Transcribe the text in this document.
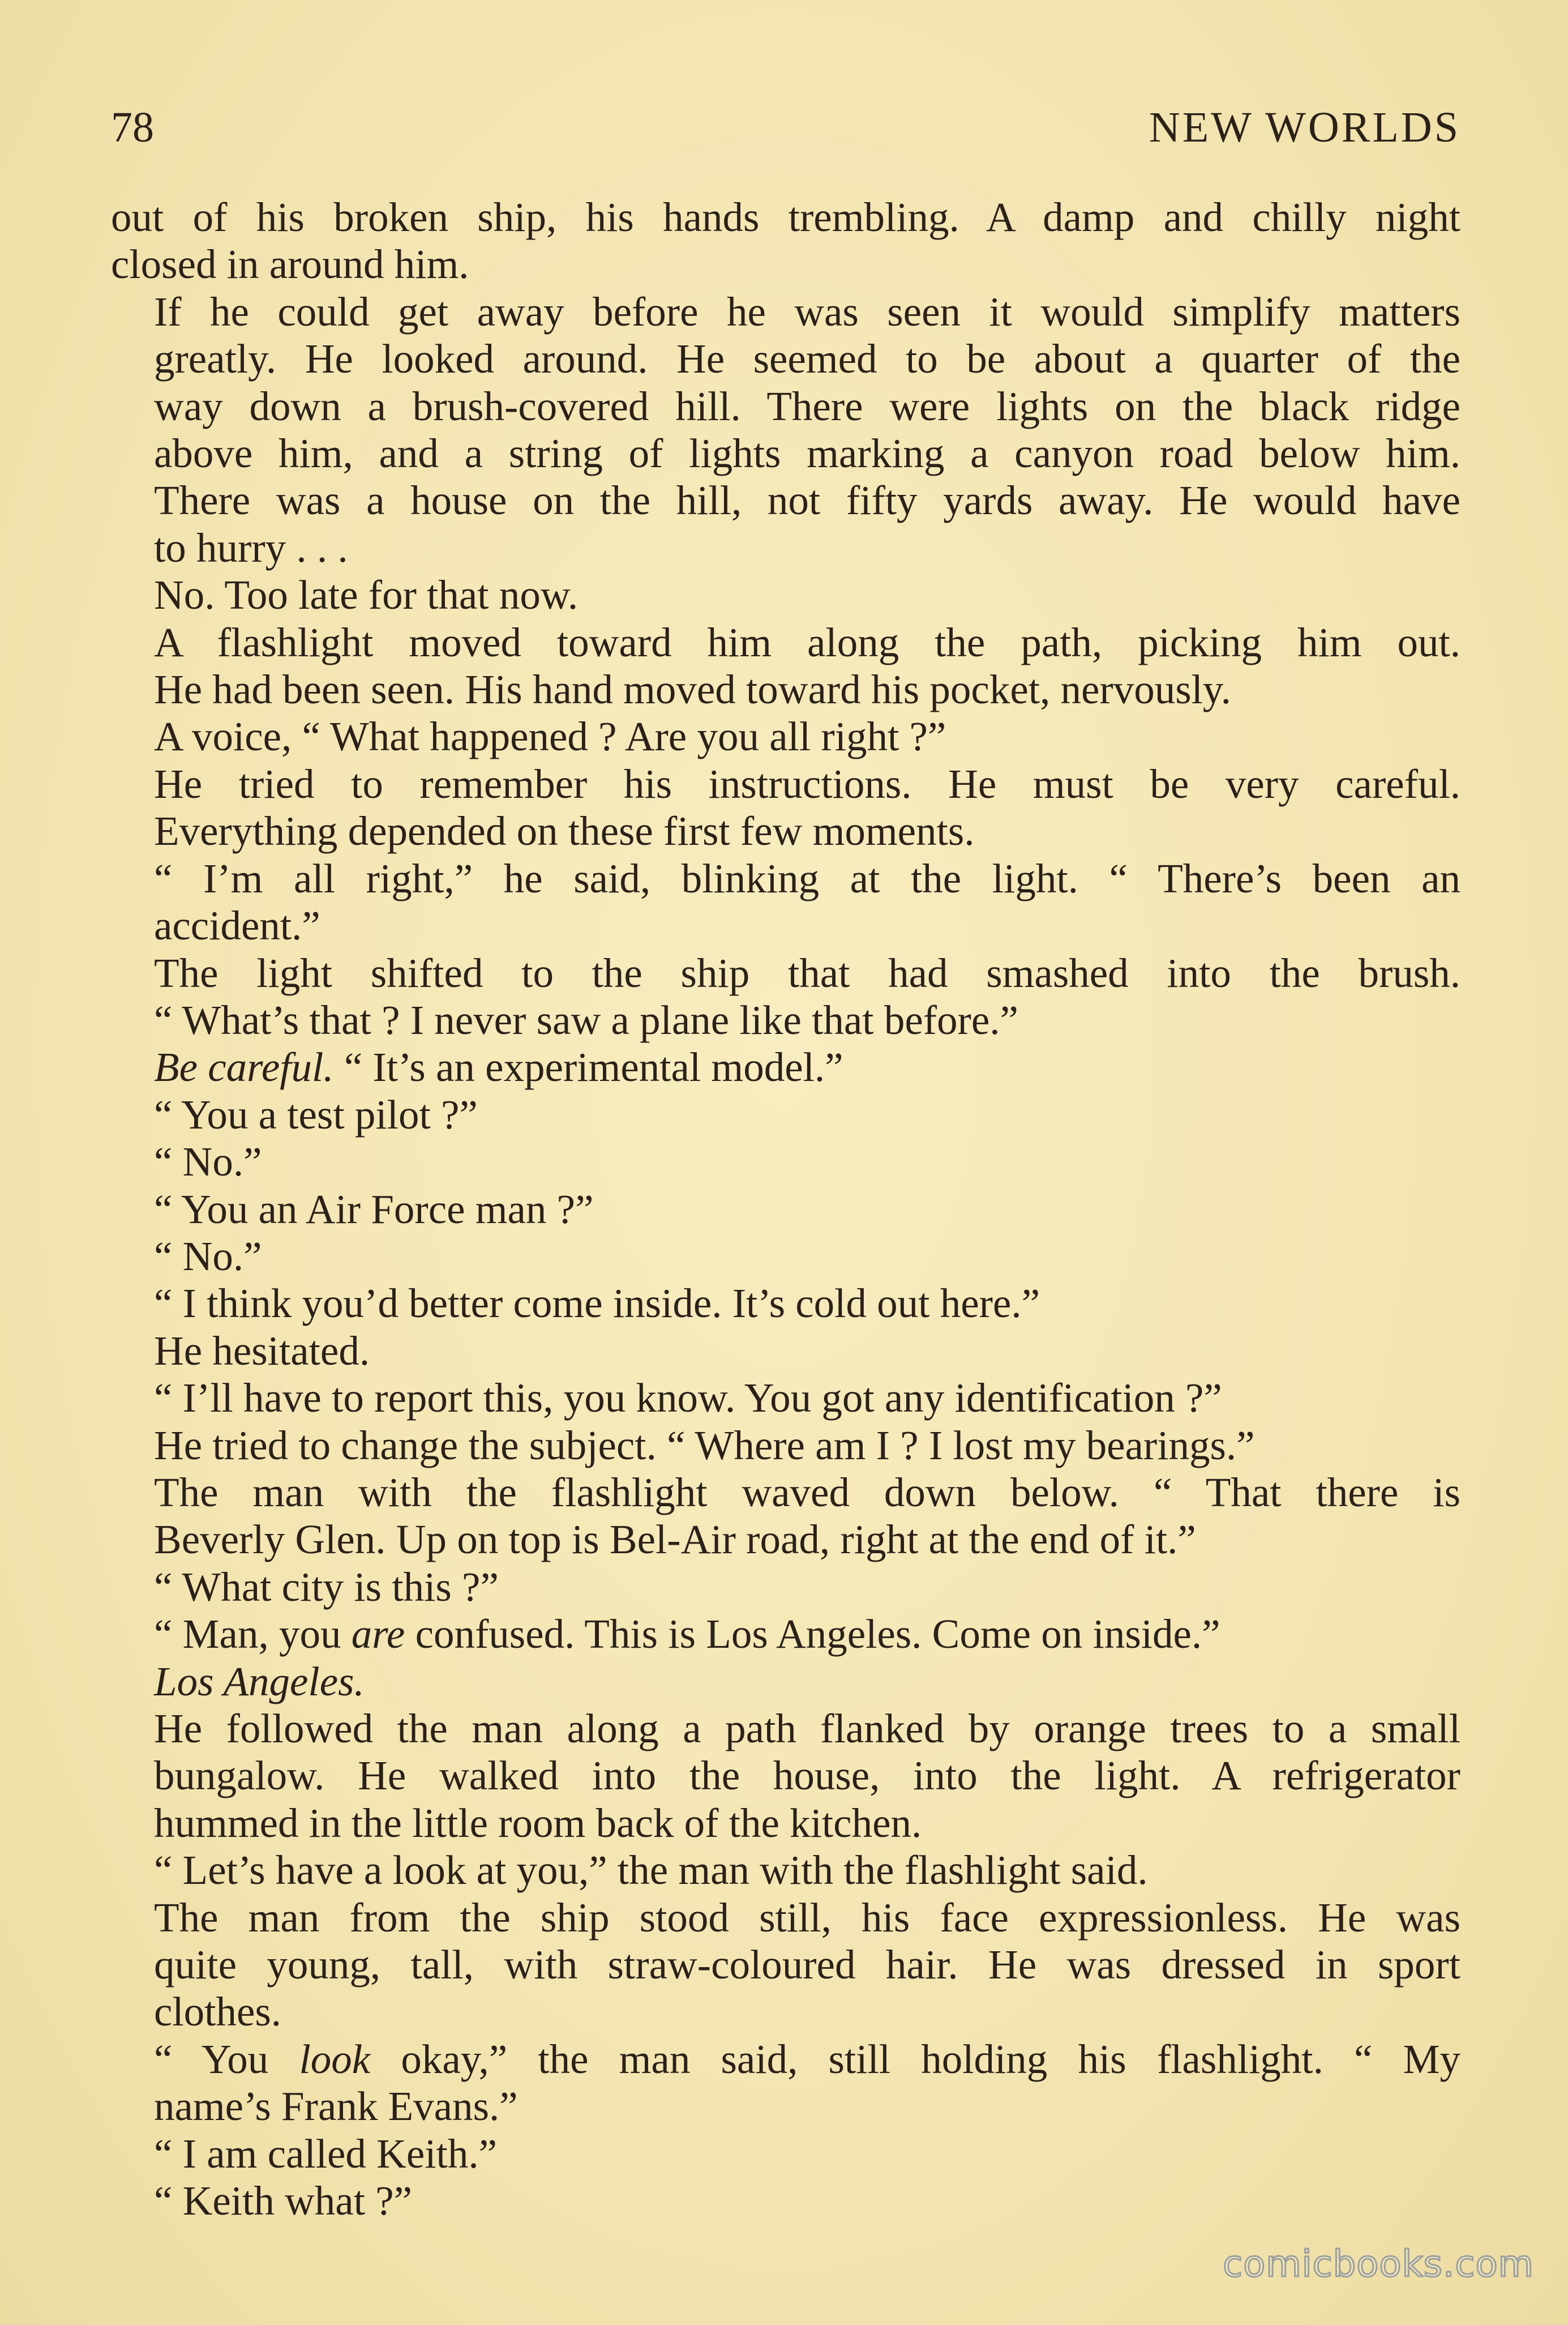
78	NEW WORLDS
out of his broken ship, his hands trembling. A damp and chilly night
closed in around him.
If he could get away before he was seen it would simplify matters
greatly. He looked around. He seemed to be about a quarter of the
way down a brush-covered hill. There were lights on the black ridge
above him, and a string of lights marking a canyon road below him.
There was a house on the hill, not fifty yards away. He would have
to hurry . . .
No. Too late for that now.
A flashlight moved toward him along the path, picking him out.
He had been seen. His hand moved toward his pocket, nervously.
A voice, “ What happened ? Are you all right ?”
He tried to remember his instructions. He must be very careful.
Everything depended on these first few moments.
“ I’m all right,” he said, blinking at the light. “ There’s been an
accident.”
The light shifted to the ship that had smashed into the brush.
“ What’s that ? I never saw a plane like that before.”
Be careful. “ It’s an experimental model.”
“ You a test pilot ?”
“ No.”
“ You an Air Force man ?”
“ No.”
“ I think you’d better come inside. It’s cold out here.”
He hesitated.
“ I’ll have to report this, you know. You got any identification ?”
He tried to change the subject. “ Where am I ? I lost my bearings.”
The man with the flashlight waved down below. “ That there is
Beverly Glen. Up on top is Bel-Air road, right at the end of it.”
“ What city is this ?”
“ Man, you are confused. This is Los Angeles. Come on inside.”
Los Angeles.
He followed the man along a path flanked by orange trees to a small
bungalow. He walked into the house, into the light. A refrigerator
hummed in the little room back of the kitchen.
“ Let’s have a look at you,” the man with the flashlight said.
The man from the ship stood still, his face expressionless. He was
quite young, tall, with straw-coloured hair. He was dressed in sport
clothes.
“ You look okay,” the man said, still holding his flashlight. “ My
name’s Frank Evans.”
“ I am called Keith.”
“ Keith what ?”
comicbooks.com
